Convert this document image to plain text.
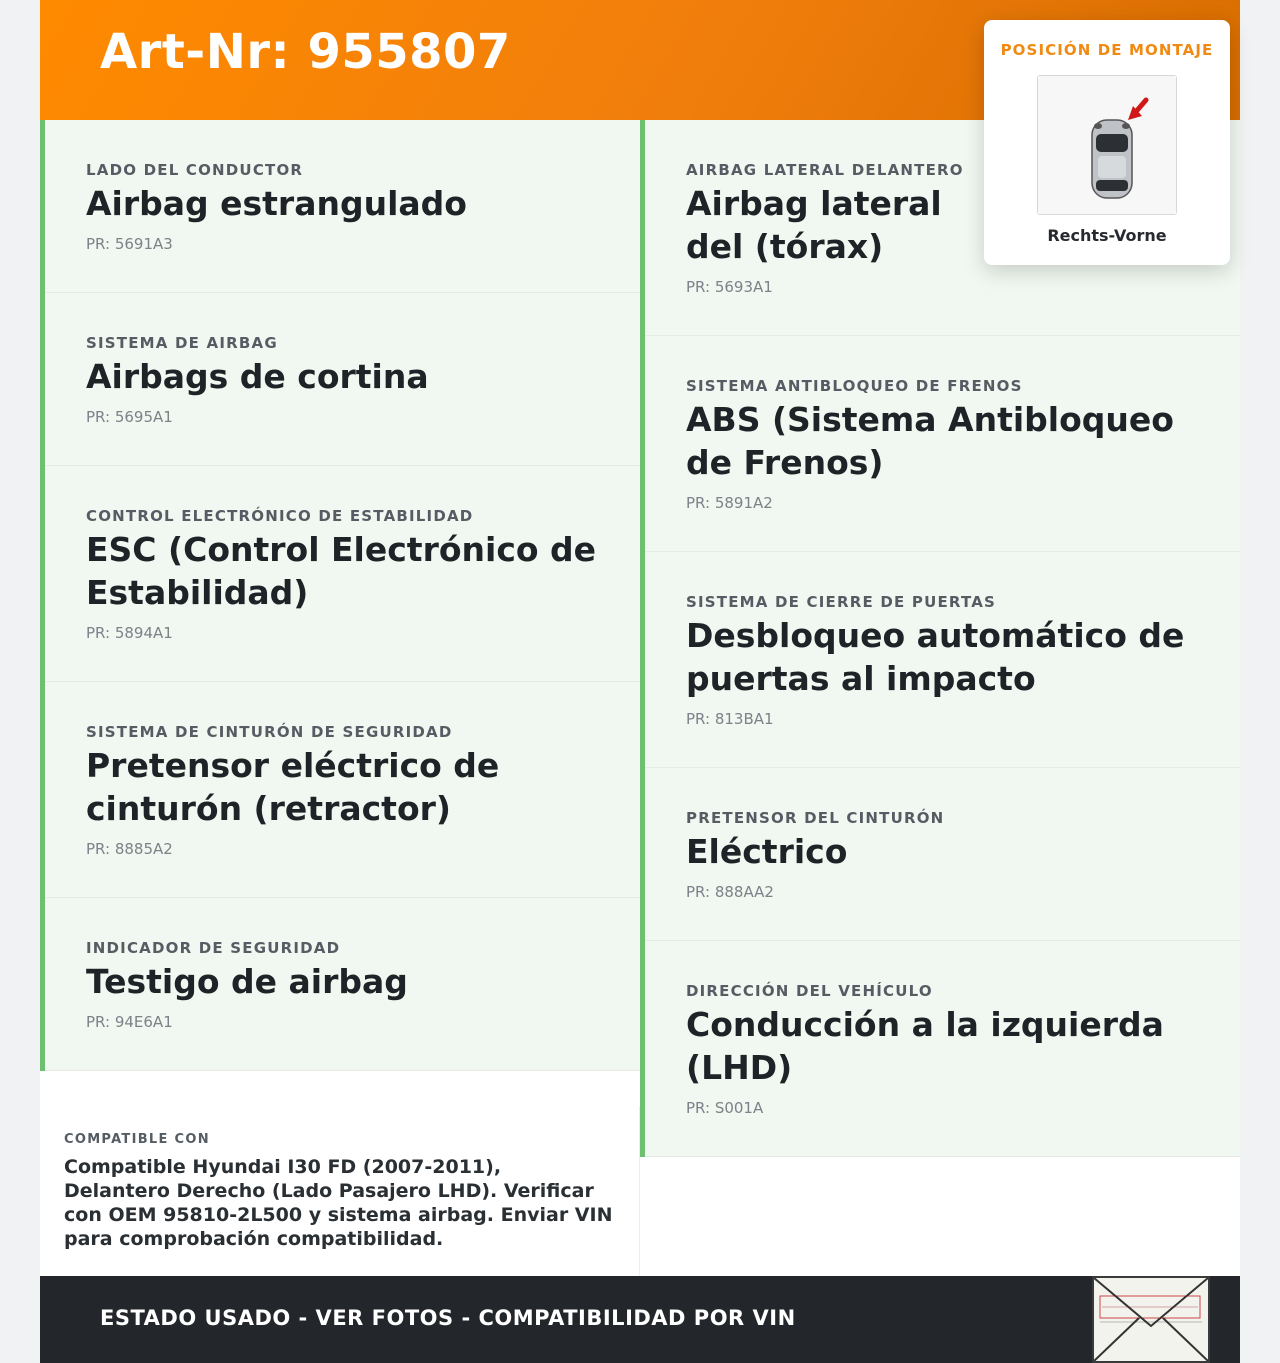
Art-Nr: 955807
LADO DEL CONDUCTOR
Airbag estrangulado
PR: 5691A3
SISTEMA DE AIRBAG
Airbags de cortina
PR: 5695A1
CONTROL ELECTRÓNICO DE ESTABILIDAD
ESC (Control Electrónico de Estabilidad)
PR: 5894A1
SISTEMA DE CINTURÓN DE SEGURIDAD
Pretensor eléctrico de cinturón (retractor)
PR: 8885A2
INDICADOR DE SEGURIDAD
Testigo de airbag
PR: 94E6A1
AIRBAG LATERAL DELANTERO
Airbag lateral del (tórax)
PR: 5693A1
SISTEMA ANTIBLOQUEO DE FRENOS
ABS (Sistema Antibloqueo de Frenos)
PR: 5891A2
SISTEMA DE CIERRE DE PUERTAS
Desbloqueo automático de puertas al impacto
PR: 813BA1
PRETENSOR DEL CINTURÓN
Eléctrico
PR: 888AA2
DIRECCIÓN DEL VEHÍCULO
Conducción a la izquierda (LHD)
PR: S001A
COMPATIBLE CON
Compatible Hyundai I30 FD (2007-2011), Delantero Derecho (Lado Pasajero LHD). Verificar con OEM 95810-2L500 y sistema airbag. Enviar VIN para comprobación compatibilidad.
ESTADO USADO - VER FOTOS - COMPATIBILIDAD POR VIN
POSICIÓN DE MONTAJE
Rechts-Vorne
